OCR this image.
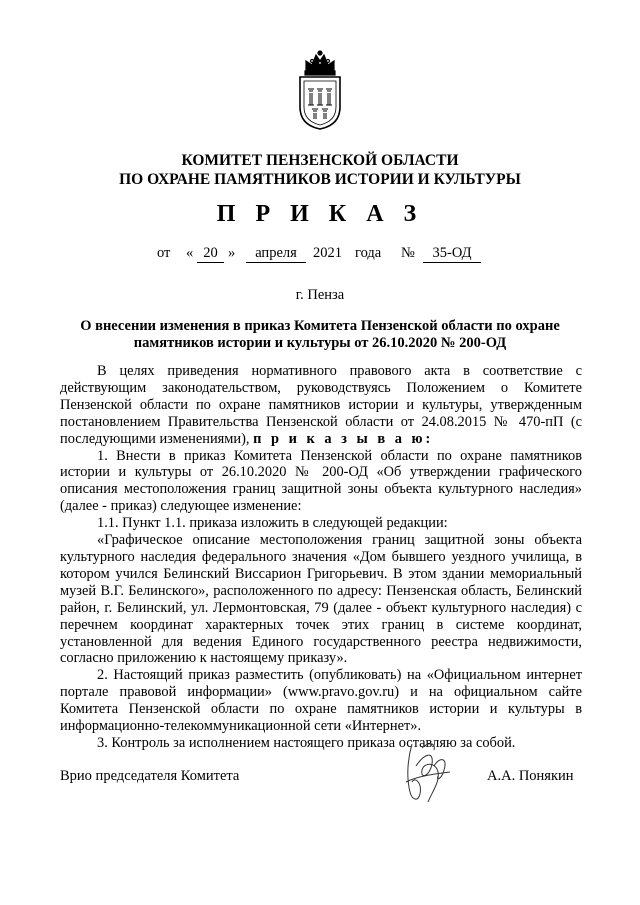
КОМИТЕТ ПЕНЗЕНСКОЙ ОБЛАСТИ
ПО ОХРАНЕ ПАМЯТНИКОВ ИСТОРИИ И КУЛЬТУРЫ
П Р И К А З
от « 20 »	апреля	2021 года №	35-ОД
г. Пенза
О внесении изменения в приказ Комитета Пензенской области по охране памятников истории и культуры от 26.10.2020 № 200-ОД

В целях приведения нормативного правового акта в соответствие с действующим законодательством, руководствуясь Положением о Комитете Пензенской области по охране памятников истории и культуры, утвержденным постановлением Правительства Пензенской области от 24.08.2015 № 470-пП (с последующими изменениями), п р и к а з ы в а ю:

1. Внести в приказ Комитета Пензенской области по охране памятников истории и культуры от 26.10.2020 № 200-ОД «Об утверждении графического описания местоположения границ защитной зоны объекта культурного наследия» (далее - приказ) следующее изменение:

1.1. Пункт 1.1. приказа изложить в следующей редакции:

«Графическое описание местоположения границ защитной зоны объекта культурного наследия федерального значения «Дом бывшего уездного училища, в котором учился Белинский Виссарион Григорьевич. В этом здании мемориальный музей В.Г. Белинского», расположенного по адресу: Пензенская область, Белинский район, г. Белинский, ул. Лермонтовская, 79 (далее - объект культурного наследия) с перечнем координат характерных точек этих границ в системе координат, установленной для ведения Единого государственного реестра недвижимости, согласно приложению к настоящему приказу».

2. Настоящий приказ разместить (опубликовать) на «Официальном интернет портале правовой информации» (www.pravo.gov.ru) и на официальном сайте Комитета Пензенской области по охране памятников истории и культуры в информационно-телекоммуникационной сети «Интернет».

3. Контроль за исполнением настоящего приказа оставляю за собой.

Врио председателя Комитета	А.А. Понякин
